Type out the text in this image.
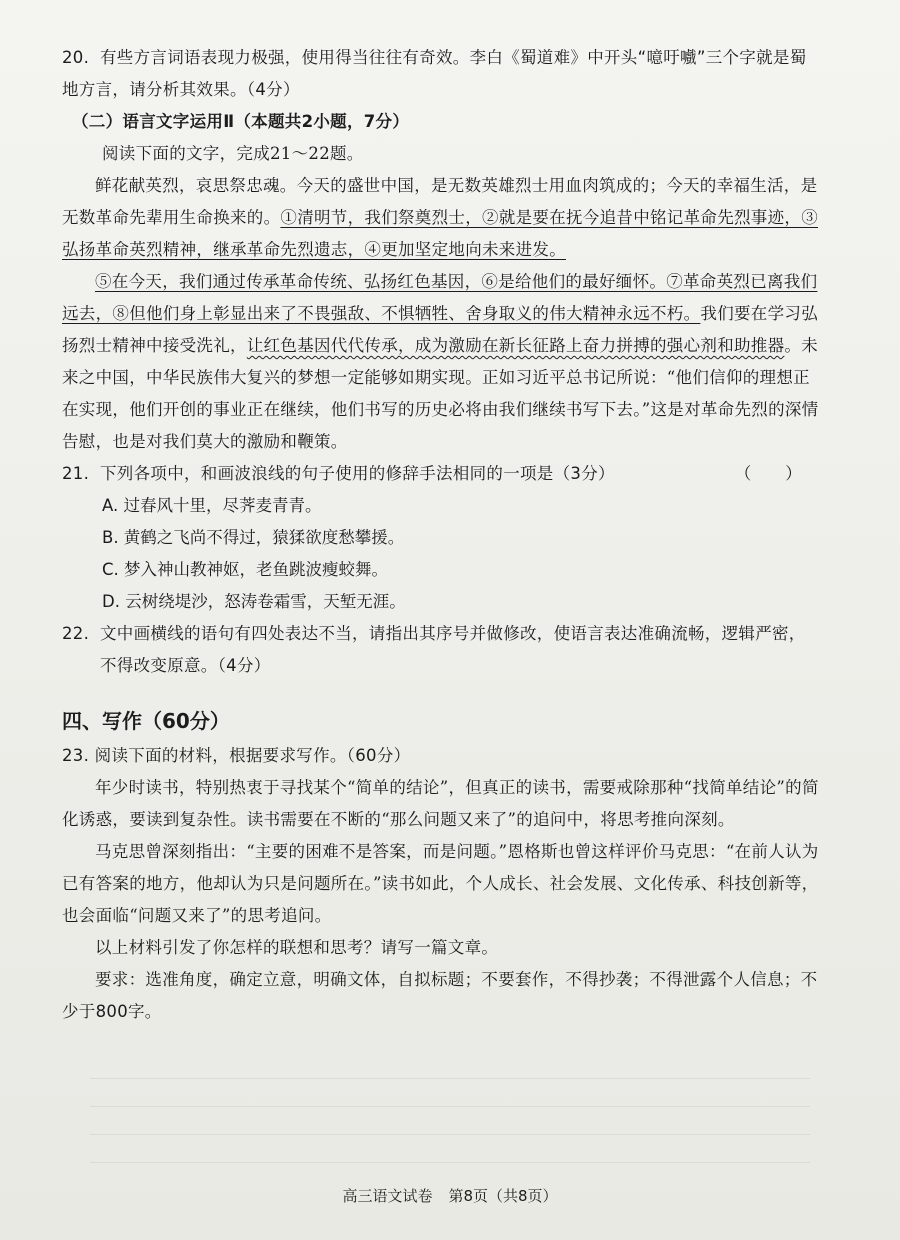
20. 有些方言词语表现力极强，使用得当往往有奇效。李白《蜀道难》中开头“噫吁嚱”三个字就是蜀地方言，请分析其效果。（4分）

（二）语言文字运用Ⅱ（本题共2小题，7分）

阅读下面的文字，完成21～22题。

鲜花献英烈，哀思祭忠魂。今天的盛世中国，是无数英雄烈士用血肉筑成的；今天的幸福生活，是无数革命先辈用生命换来的。①清明节，我们祭奠烈士，②就是要在抚今追昔中铭记革命先烈事迹，③弘扬革命英烈精神，继承革命先烈遗志，④更加坚定地向未来进发。

⑤在今天，我们通过传承革命传统、弘扬红色基因，⑥是给他们的最好缅怀。⑦革命英烈已离我们远去，⑧但他们身上彰显出来了不畏强敌、不惧牺牲、舍身取义的伟大精神永远不朽。我们要在学习弘扬烈士精神中接受洗礼，让红色基因代代传承，成为激励在新长征路上奋力拼搏的强心剂和助推器。未来之中国，中华民族伟大复兴的梦想一定能够如期实现。正如习近平总书记所说：“他们信仰的理想正在实现，他们开创的事业正在继续，他们书写的历史必将由我们继续书写下去。”这是对革命先烈的深情告慰，也是对我们莫大的激励和鞭策。

21. 下列各项中，和画波浪线的句子使用的修辞手法相同的一项是（3分）	（　　）

A. 过春风十里，尽荠麦青青。

B. 黄鹤之飞尚不得过，猿猱欲度愁攀援。

C. 梦入神山教神妪，老鱼跳波瘦蛟舞。

D. 云树绕堤沙，怒涛卷霜雪，天堑无涯。

22. 文中画横线的语句有四处表达不当，请指出其序号并做修改，使语言表达准确流畅，逻辑严密，不得改变原意。（4分）

四、写作（60分）

23. 阅读下面的材料，根据要求写作。（60分）

年少时读书，特别热衷于寻找某个“简单的结论”，但真正的读书，需要戒除那种“找简单结论”的简化诱惑，要读到复杂性。读书需要在不断的“那么问题又来了”的追问中，将思考推向深刻。

马克思曾深刻指出：“主要的困难不是答案，而是问题。”恩格斯也曾这样评价马克思：“在前人认为已有答案的地方，他却认为只是问题所在。”读书如此，个人成长、社会发展、文化传承、科技创新等，也会面临“问题又来了”的思考追问。

以上材料引发了你怎样的联想和思考？请写一篇文章。

要求：选准角度，确定立意，明确文体，自拟标题；不要套作，不得抄袭；不得泄露个人信息；不少于800字。

高三语文试卷 第8页（共8页）
